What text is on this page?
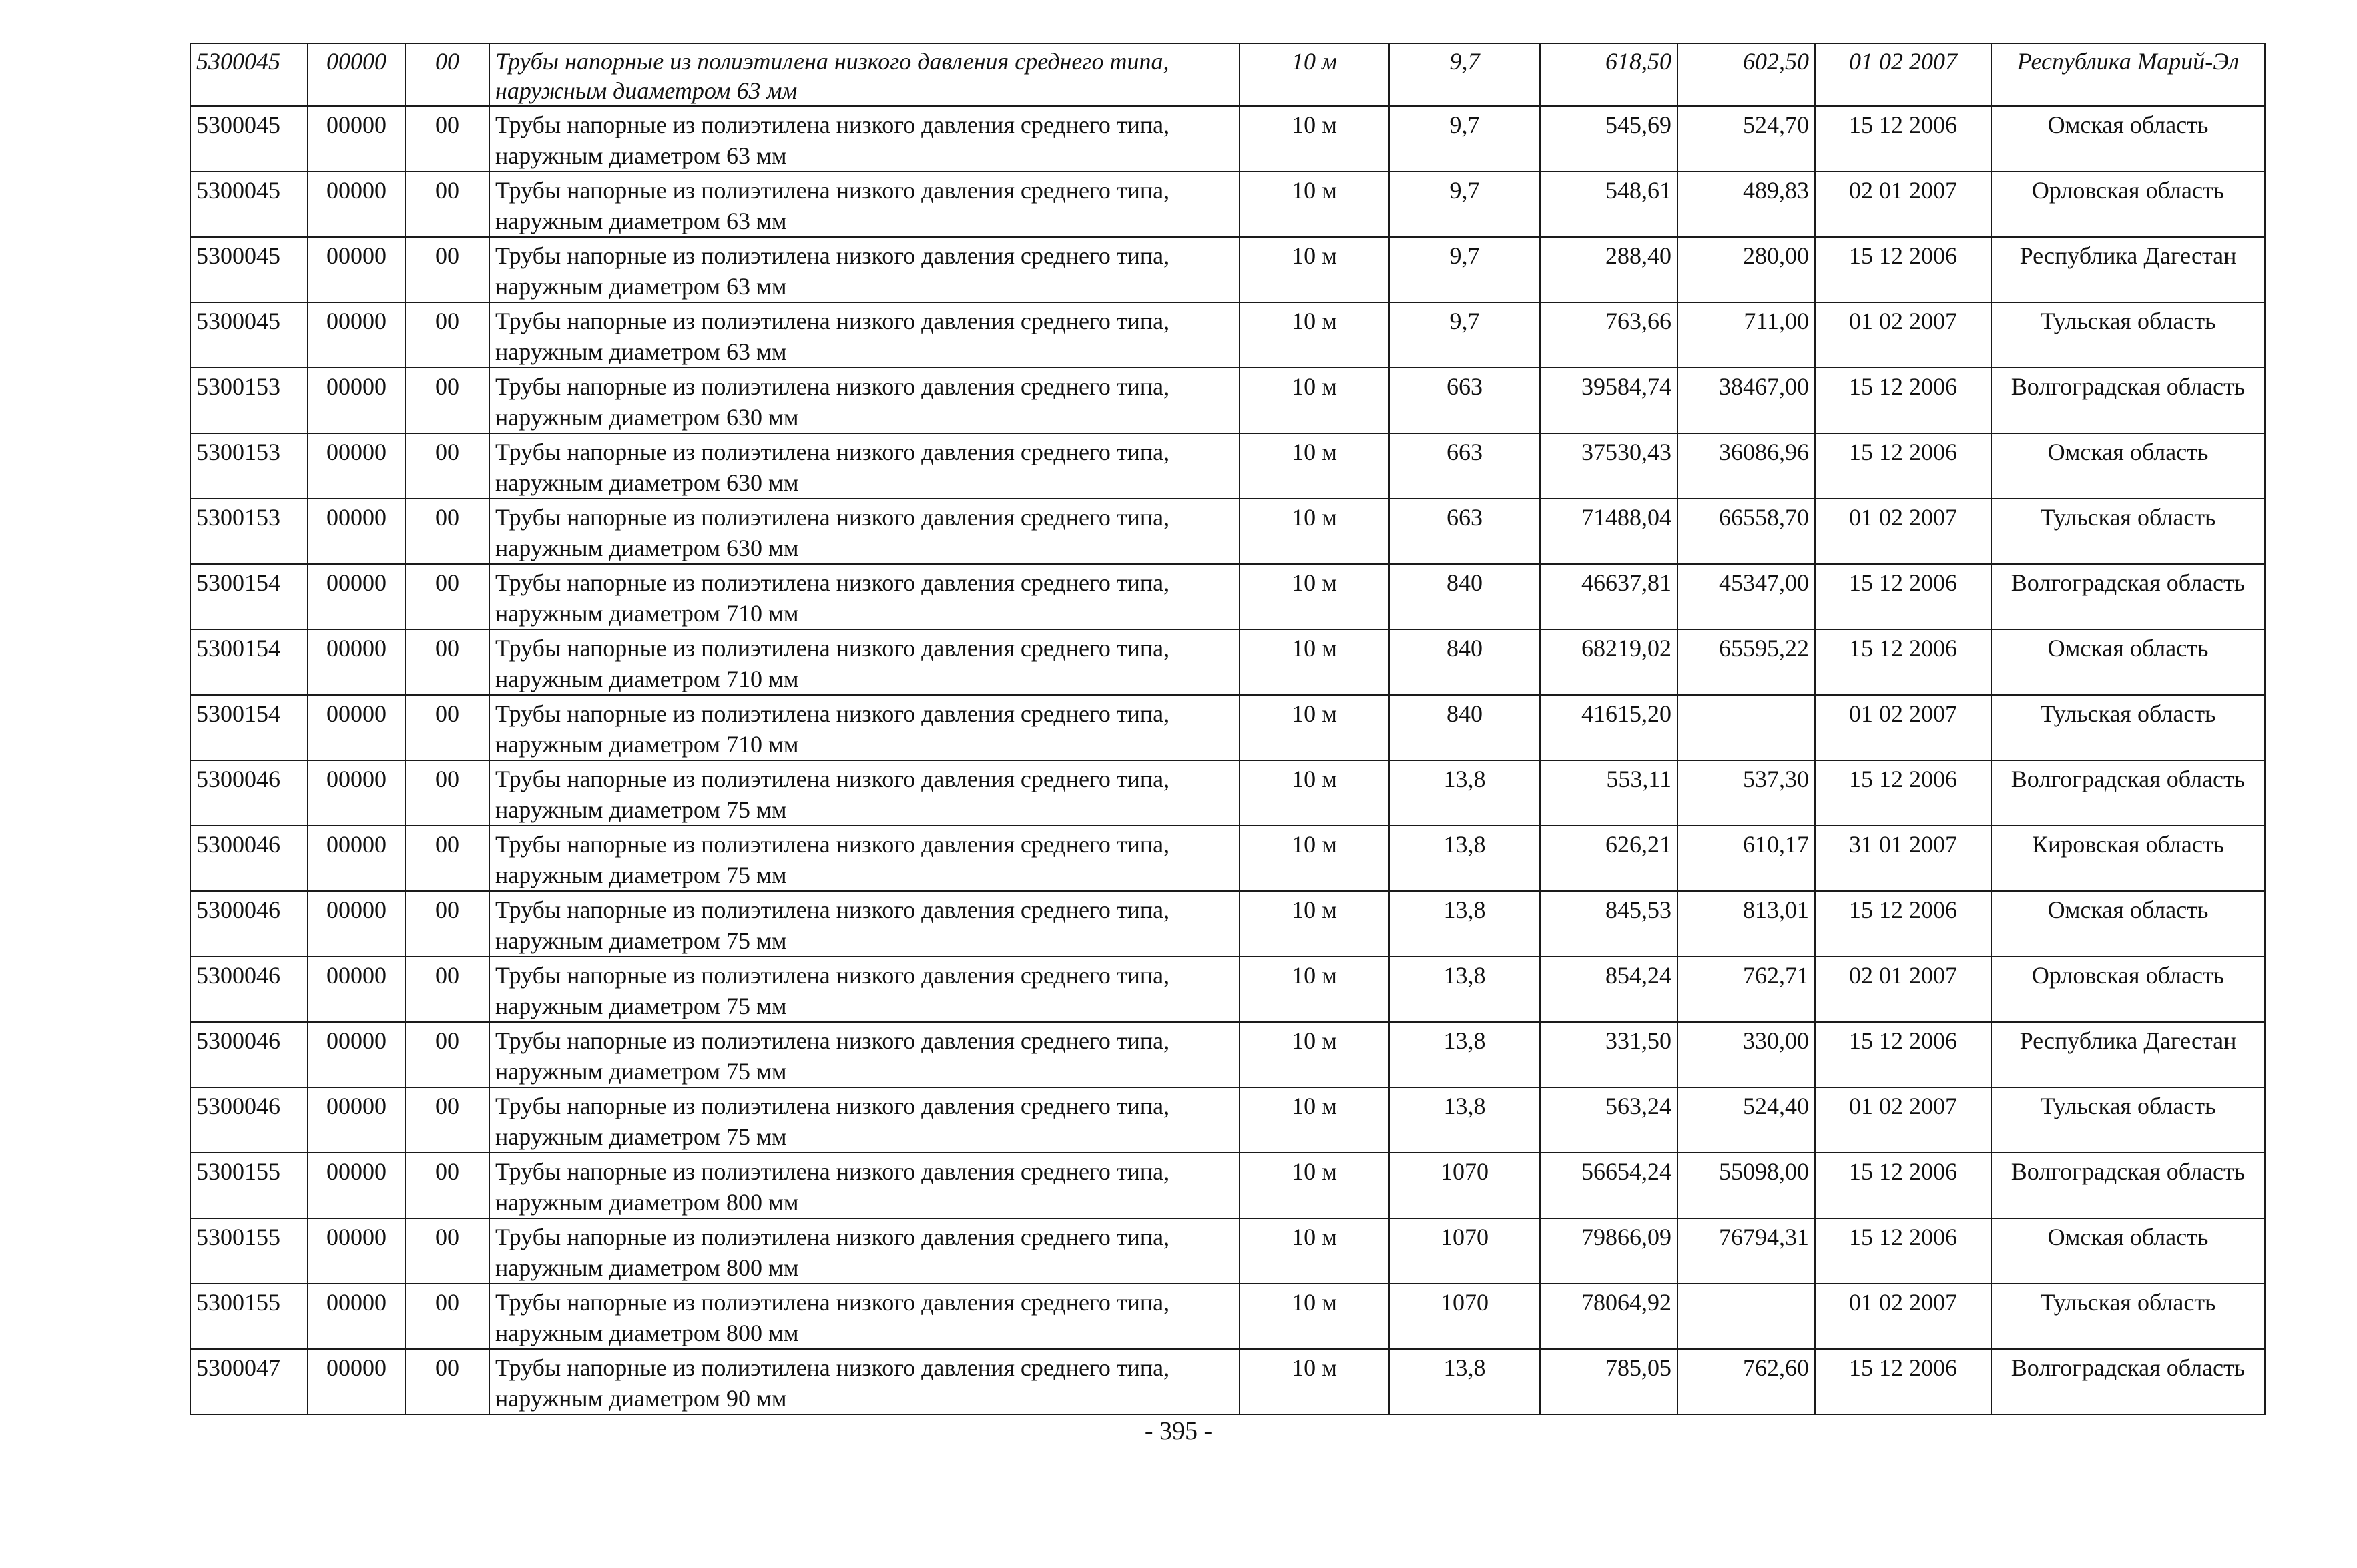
5300045	00000	00	Трубы напорные из полиэтилена низкого давления среднего типа, наружным диаметром 63 мм	10 м	9,7	618,50	602,50	01 02 2007	Республика Марий-Эл
5300045	00000	00	Трубы напорные из полиэтилена низкого давления среднего типа, наружным диаметром 63 мм	10 м	9,7	545,69	524,70	15 12 2006	Омская область
5300045	00000	00	Трубы напорные из полиэтилена низкого давления среднего типа, наружным диаметром 63 мм	10 м	9,7	548,61	489,83	02 01 2007	Орловская область
5300045	00000	00	Трубы напорные из полиэтилена низкого давления среднего типа, наружным диаметром 63 мм	10 м	9,7	288,40	280,00	15 12 2006	Республика Дагестан
5300045	00000	00	Трубы напорные из полиэтилена низкого давления среднего типа, наружным диаметром 63 мм	10 м	9,7	763,66	711,00	01 02 2007	Тульская область
5300153	00000	00	Трубы напорные из полиэтилена низкого давления среднего типа, наружным диаметром 630 мм	10 м	663	39584,74	38467,00	15 12 2006	Волгоградская область
5300153	00000	00	Трубы напорные из полиэтилена низкого давления среднего типа, наружным диаметром 630 мм	10 м	663	37530,43	36086,96	15 12 2006	Омская область
5300153	00000	00	Трубы напорные из полиэтилена низкого давления среднего типа, наружным диаметром 630 мм	10 м	663	71488,04	66558,70	01 02 2007	Тульская область
5300154	00000	00	Трубы напорные из полиэтилена низкого давления среднего типа, наружным диаметром 710 мм	10 м	840	46637,81	45347,00	15 12 2006	Волгоградская область
5300154	00000	00	Трубы напорные из полиэтилена низкого давления среднего типа, наружным диаметром 710 мм	10 м	840	68219,02	65595,22	15 12 2006	Омская область
5300154	00000	00	Трубы напорные из полиэтилена низкого давления среднего типа, наружным диаметром 710 мм	10 м	840	41615,20		01 02 2007	Тульская область
5300046	00000	00	Трубы напорные из полиэтилена низкого давления среднего типа, наружным диаметром 75 мм	10 м	13,8	553,11	537,30	15 12 2006	Волгоградская область
5300046	00000	00	Трубы напорные из полиэтилена низкого давления среднего типа, наружным диаметром 75 мм	10 м	13,8	626,21	610,17	31 01 2007	Кировская область
5300046	00000	00	Трубы напорные из полиэтилена низкого давления среднего типа, наружным диаметром 75 мм	10 м	13,8	845,53	813,01	15 12 2006	Омская область
5300046	00000	00	Трубы напорные из полиэтилена низкого давления среднего типа, наружным диаметром 75 мм	10 м	13,8	854,24	762,71	02 01 2007	Орловская область
5300046	00000	00	Трубы напорные из полиэтилена низкого давления среднего типа, наружным диаметром 75 мм	10 м	13,8	331,50	330,00	15 12 2006	Республика Дагестан
5300046	00000	00	Трубы напорные из полиэтилена низкого давления среднего типа, наружным диаметром 75 мм	10 м	13,8	563,24	524,40	01 02 2007	Тульская область
5300155	00000	00	Трубы напорные из полиэтилена низкого давления среднего типа, наружным диаметром 800 мм	10 м	1070	56654,24	55098,00	15 12 2006	Волгоградская область
5300155	00000	00	Трубы напорные из полиэтилена низкого давления среднего типа, наружным диаметром 800 мм	10 м	1070	79866,09	76794,31	15 12 2006	Омская область
5300155	00000	00	Трубы напорные из полиэтилена низкого давления среднего типа, наружным диаметром 800 мм	10 м	1070	78064,92		01 02 2007	Тульская область
5300047	00000	00	Трубы напорные из полиэтилена низкого давления среднего типа, наружным диаметром 90 мм	10 м	13,8	785,05	762,60	15 12 2006	Волгоградская область
- 395 -
